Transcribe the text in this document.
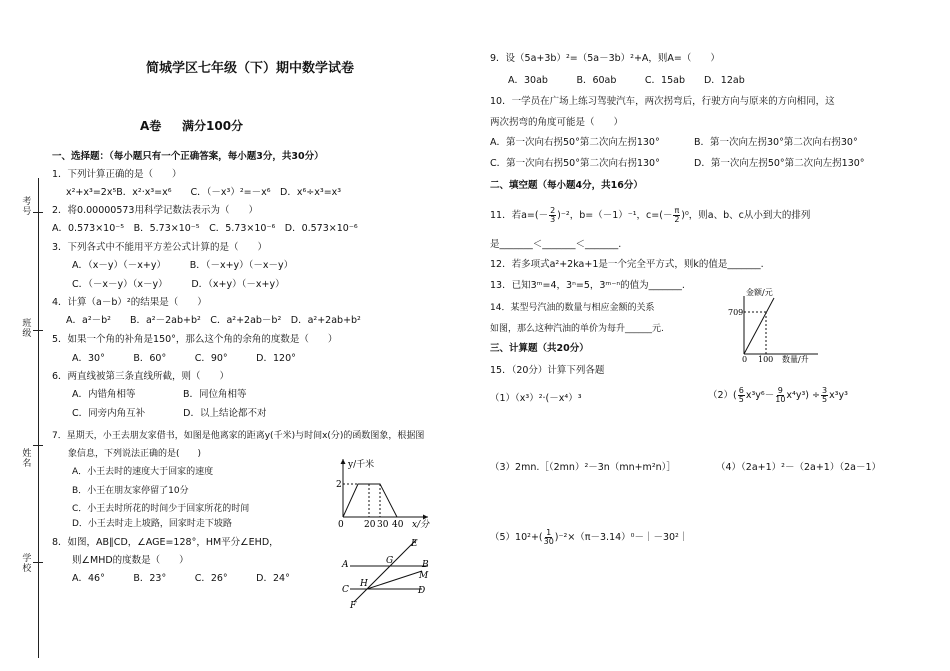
考号
班级
姓名
学校
简城学区七年级（下）期中数学试卷
A卷 满分100分
一、选择题：（每小题只有一个正确答案，每小题3分，共30分）
1．下列计算正确的是（　　）
x²+x³=2x⁵B．x²·x³=x⁶　　C．（－x³）²=－x⁶　D．x⁶÷x³=x³
2．将0.00000573用科学记数法表示为（　　）
A．0.573×10⁻⁵　B．5.73×10⁻⁵　C．5.73×10⁻⁶　D．0.573×10⁻⁶
3．下列各式中不能用平方差公式计算的是（　　）
A．（x－y）（－x+y）　　　B．（－x+y）（－x－y）
C．（－x－y）（x－y）　　　D．（x+y）（－x+y）
4．计算（a－b）²的结果是（　　）
A．a²－b²　　B．a²－2ab+b²　C．a²+2ab－b²　D．a²+2ab+b²
5．如果一个角的补角是150°，那么这个角的余角的度数是（　　）
A．30°　　　B．60°　　　C．90°　　　D．120°
6．两直线被第三条直线所截，则（　　）
A．内错角相等　　　　　B．同位角相等
C．同旁内角互补　　　　D．以上结论都不对
7．星期天，小王去朋友家借书，如图是他离家的距离y(千米)与时间x(分)的函数图象，根据图
象信息，下列说法正确的是(　　)
A．小王去时的速度大于回家的速度
B．小王在朋友家停留了10分
C．小王去时所花的时间少于回家所花的时间
D．小王去时走上坡路，回家时走下坡路
8．如图，AB∥CD，∠AGE=128°，HM平分∠EHD，
则∠MHD的度数是（　　）
A．46°　　　B．23°　　　C．26°　　　D．24°
y/千米
x/分
2
0 20 30 40
A	B
C	D
E
F
G
H
M
9．设（5a+3b）²=（5a－3b）²+A，则A=（　　）
A．30ab　　　B．60ab　　　C．15ab　　D．12ab
10．一学员在广场上练习驾驶汽车，两次拐弯后，行驶方向与原来的方向相同，这
两次拐弯的角度可能是（　　）
A．第一次向右拐50°第二次向左拐130°	B．第一次向左拐30°第二次向右拐30°
C．第一次向右拐50°第二次向右拐130°	D．第一次向左拐50°第二次向左拐130°
二、填空题（每小题4分，共16分）
11．若$a=(- \frac{2}{3} )^{-2}$，b=（－1）⁻¹，$c=(- \frac{\pi}{2} )^0$，则a、b、c从小到大的排列
是_______＜_______＜_______.
12．若多项式a²+2ka+1是一个完全平方式，则k的值是_______.
13．已知3ᵐ=4，3ⁿ=5，3ᵐ⁻ⁿ的值为_______.
14．某型号汽油的数量与相应金额的关系
如图，那么这种汽油的单价为每升______元.
金额/元
数量/升
709
0 100
三、计算题（共20分）
15．（20分）计算下列各题
（1）（x³）²·(－x⁴）³	$(2)( \frac{6}{5} x^3y^6- \frac{9}{10} x^4y^3) \div \frac{3}{5} x^3y^3$
（3）2mn.［（2mn）²－3n（mn+m²n）］	（4）（2a+1）²－（2a+1）（2a－1）
$(5)10^2+( \frac{1}{30}$ )⁻²×（π－3.14）⁰－｜－30²｜
